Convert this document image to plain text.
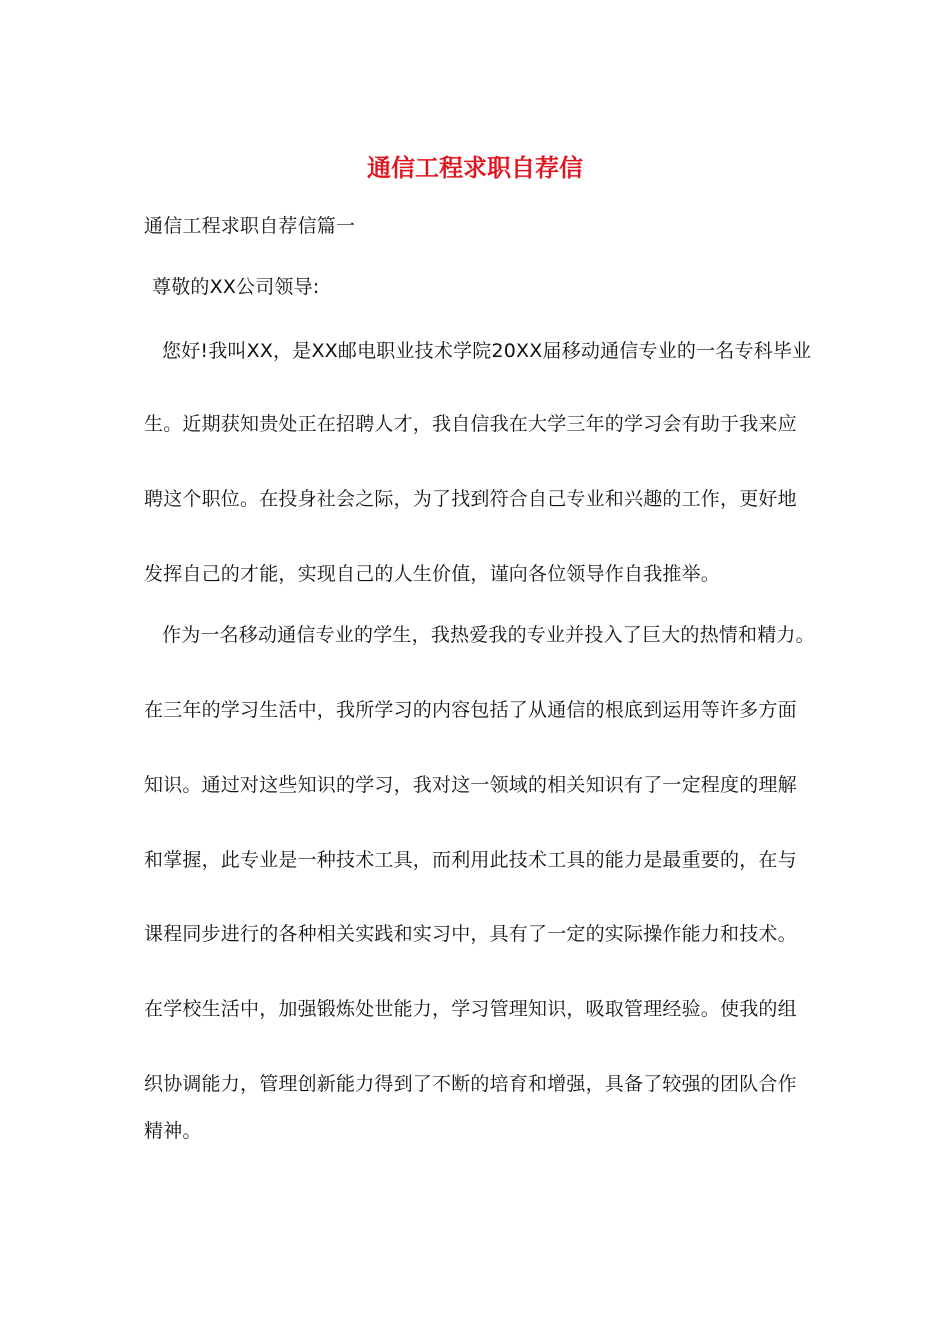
通信工程求职自荐信
通信工程求职自荐信篇一
尊敬的XX公司领导:
您好!我叫XX，是XX邮电职业技术学院20XX届移动通信专业的一名专科毕业
生。近期获知贵处正在招聘人才，我自信我在大学三年的学习会有助于我来应
聘这个职位。在投身社会之际，为了找到符合自己专业和兴趣的工作，更好地
发挥自己的才能，实现自己的人生价值，谨向各位领导作自我推举。
作为一名移动通信专业的学生，我热爱我的专业并投入了巨大的热情和精力。
在三年的学习生活中，我所学习的内容包括了从通信的根底到运用等许多方面
知识。通过对这些知识的学习，我对这一领域的相关知识有了一定程度的理解
和掌握，此专业是一种技术工具，而利用此技术工具的能力是最重要的，在与
课程同步进行的各种相关实践和实习中，具有了一定的实际操作能力和技术。
在学校生活中，加强锻炼处世能力，学习管理知识，吸取管理经验。使我的组
织协调能力，管理创新能力得到了不断的培育和增强，具备了较强的团队合作
精神。
